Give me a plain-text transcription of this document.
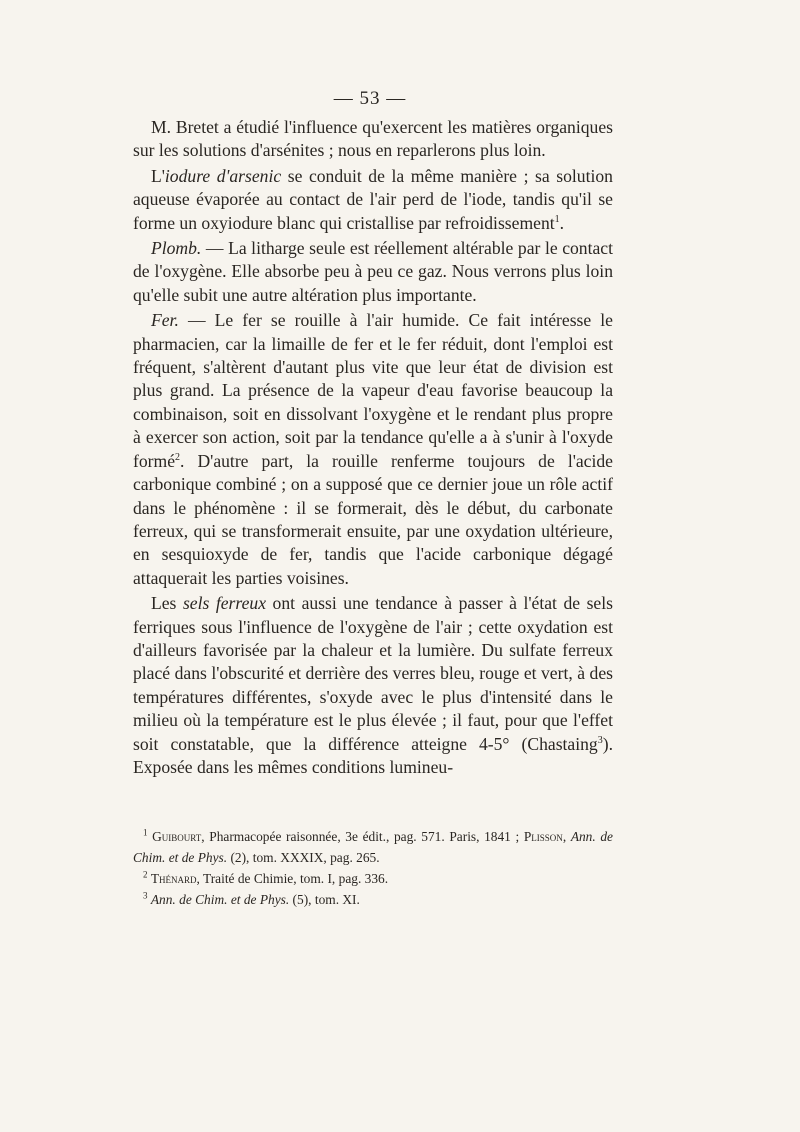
— 53 —

M. Bretet a étudié l'influence qu'exercent les matières organiques sur les solutions d'arsénites ; nous en reparlerons plus loin.

L'iodure d'arsenic se conduit de la même manière ; sa solution aqueuse évaporée au contact de l'air perd de l'iode, tandis qu'il se forme un oxyiodure blanc qui cristallise par refroidissement$^1$.

Plomb. — La litharge seule est réellement altérable par le contact de l'oxygène. Elle absorbe peu à peu ce gaz. Nous verrons plus loin qu'elle subit une autre altération plus importante.

Fer. — Le fer se rouille à l'air humide. Ce fait intéresse le pharmacien, car la limaille de fer et le fer réduit, dont l'emploi est fréquent, s'altèrent d'autant plus vite que leur état de division est plus grand. La présence de la vapeur d'eau favorise beaucoup la combinaison, soit en dissolvant l'oxygène et le rendant plus propre à exercer son action, soit par la tendance qu'elle a à s'unir à l'oxyde formé$^2$. D'autre part, la rouille renferme toujours de l'acide carbonique combiné ; on a supposé que ce dernier joue un rôle actif dans le phénomène : il se formerait, dès le début, du carbonate ferreux, qui se transformerait ensuite, par une oxydation ultérieure, en sesquioxyde de fer, tandis que l'acide carbonique dégagé attaquerait les parties voisines.

Les sels ferreux ont aussi une tendance à passer à l'état de sels ferriques sous l'influence de l'oxygène de l'air ; cette oxydation est d'ailleurs favorisée par la chaleur et la lumière. Du sulfate ferreux placé dans l'obscurité et derrière des verres bleu, rouge et vert, à des températures différentes, s'oxyde avec le plus d'intensité dans le milieu où la température est le plus élevée ; il faut, pour que l'effet soit constatable, que la différence atteigne 4-5° (Chastaing$^3$). Exposée dans les mêmes conditions lumineu-

$^1$ Guibourt, Pharmacopée raisonnée, 3e édit., pag. 571. Paris, 1841 ; Plisson, Ann. de Chim. et de Phys. (2), tom. XXXIX, pag. 265.

$^2$ Thénard, Traité de Chimie, tom. I, pag. 336.

$^3$ Ann. de Chim. et de Phys. (5), tom. XI.
